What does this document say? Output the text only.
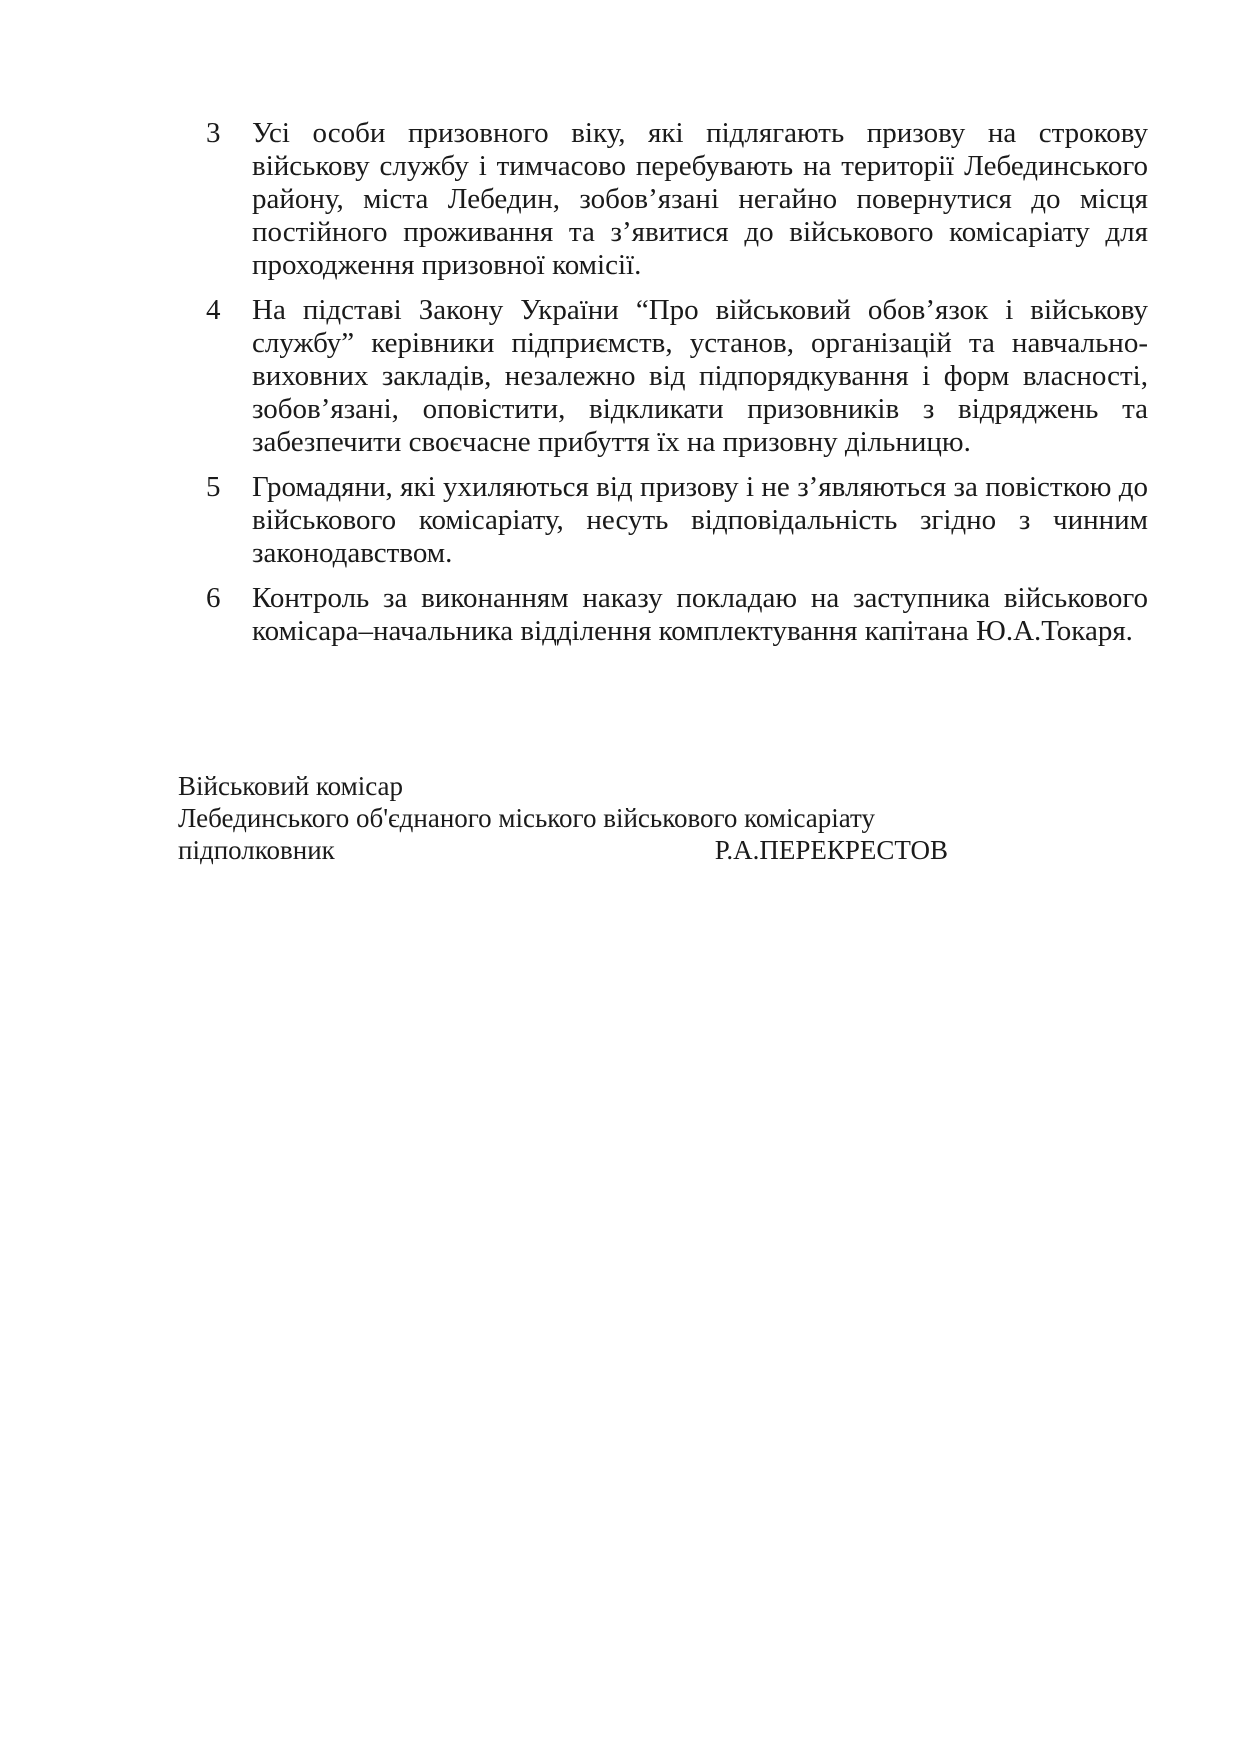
3	Усі особи призовного віку, які підлягають призову на строкову військову службу і тимчасово перебувають на території Лебединського району, міста Лебедин, зобов’язані негайно повернутися до місця постійного проживання та з’явитися до військового комісаріату для проходження призовної комісії.
4	На підставі Закону України “Про військовий обов’язок і військову службу” керівники підприємств, установ, організацій та навчально-виховних закладів, незалежно від підпорядкування і форм власності, зобов’язані, оповістити, відкликати призовників з відряджень та забезпечити своєчасне прибуття їх на призовну дільницю.
5	Громадяни, які ухиляються від призову і не з’являються за повісткою до військового комісаріату, несуть відповідальність згідно з чинним законодавством.
6	Контроль за виконанням наказу покладаю на заступника військового комісара–начальника відділення комплектування капітана Ю.А.Токаря.
Військовий комісар
Лебединського об'єднаного міського військового комісаріату
підполковник	Р.А.ПЕРЕКРЕСТОВ
